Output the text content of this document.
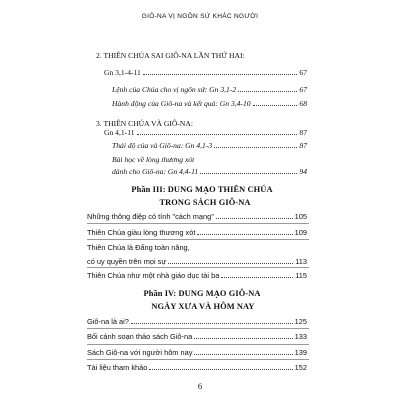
GIÔ-NA VỊ NGÔN SỨ KHÁC NGƯỜI
2. THIÊN CHÚA SAI GIÔ-NA LẦN THỨ HAI:
Gn 3,1-4-11	67
Lệnh của Chúa cho vị ngôn sứ: Gn 3,1-2	67
Hành động của Giô-na và kết quả: Gn 3,4-10	68
3. THIÊN CHÚA VÀ GIÔ-NA:
Gn 4,1-11	87
Thái độ của và Giô-na: Gn 4,1-3	87
Bài học về lòng thương xót
dành cho Giô-na: Gn 4,4-11	94
Phần III: DUNG MẠO THIÊN CHÚA
TRONG SÁCH GIÔ-NA
Những thông điệp có tính "cách mạng"	105
Thiên Chúa giàu lòng thương xót	109
Thiên Chúa là Đấng toàn năng,
có uy quyền trên mọi sự	113
Thiên Chúa như một nhà giáo dục tài ba	115
Phần IV: DUNG MẠO GIÔ-NA
NGÀY XƯA VÀ HÔM NAY
Giô-na là ai?	125
Bối cảnh soạn thảo sách Giô-na	133
Sách Giô-na với người hôm nay	139
Tài liệu tham khảo	152
6
